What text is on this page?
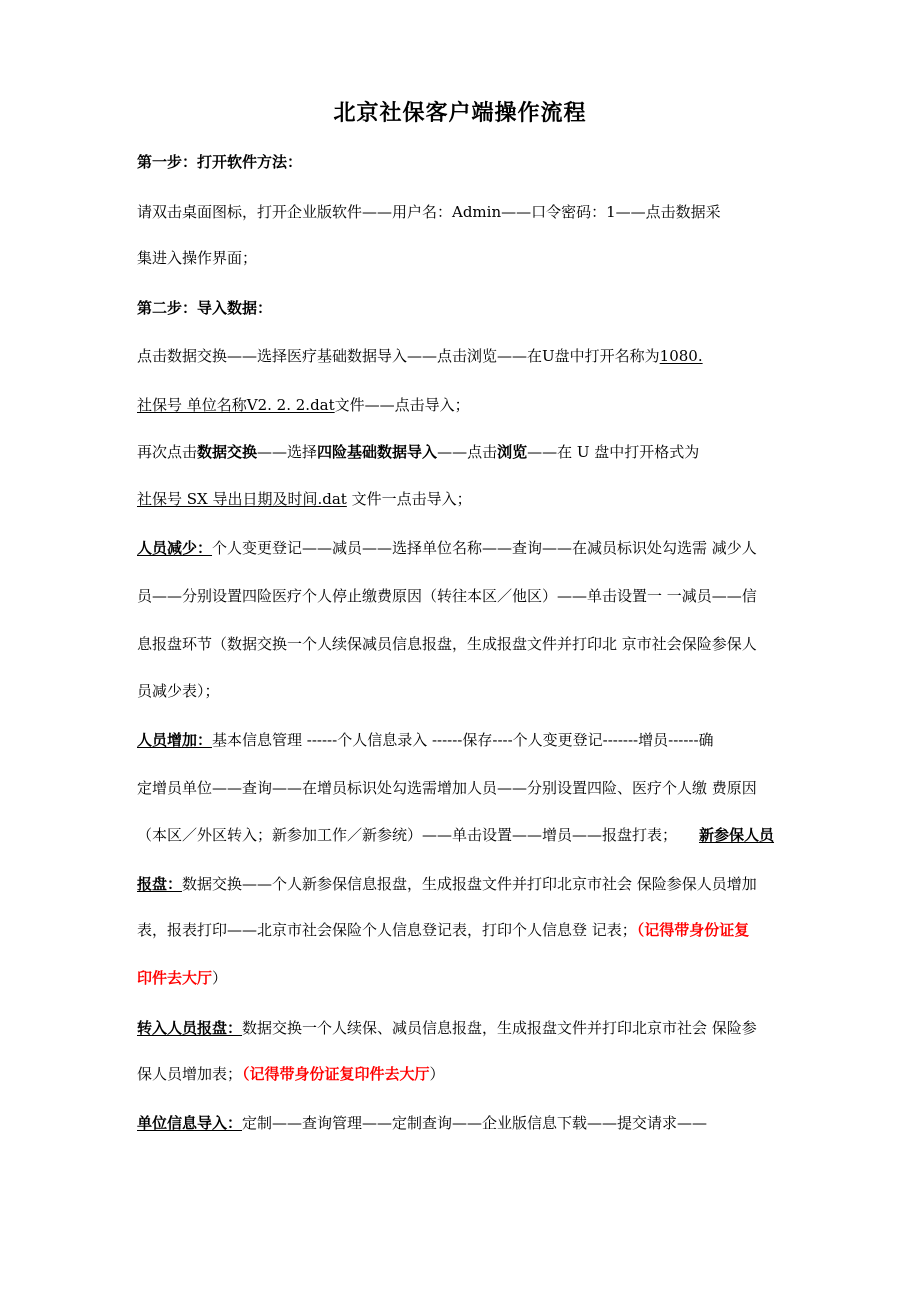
北京社保客户端操作流程
第一步：打开软件方法：
请双击桌面图标，打开企业版软件——用户名：Admin——口令密码：1——点击数据采
集进入操作界面；
第二步：导入数据：
点击数据交换——选择医疗基础数据导入——点击浏览——在U盘中打开名称为1080.
社保号 单位名称V2. 2. 2.dat文件——点击导入；
再次点击数据交换——选择四险基础数据导入——点击浏览——在 U 盘中打开格式为
社保号 SX 导出日期及时间.dat 文件一点击导入；
人员减少：个人变更登记——减员——选择单位名称——查询——在减员标识处勾选需 减少人
员——分别设置四险医疗个人停止缴费原因（转往本区／他区）——单击设置一 一减员——信
息报盘环节（数据交换一个人续保减员信息报盘，生成报盘文件并打印北 京市社会保险参保人
员减少表）；
人员增加：基本信息管理 ------个人信息录入 ------保存----个人变更登记-------增员------确
定增员单位——查询——在增员标识处勾选需增加人员——分别设置四险、医疗个人缴 费原因
（本区／外区转入；新参加工作／新参统）——单击设置——增员——报盘打表； 新参保人员
报盘：数据交换——个人新参保信息报盘，生成报盘文件并打印北京市社会 保险参保人员增加
表，报表打印——北京市社会保险个人信息登记表，打印个人信息登 记表；（记得带身份证复
印件去大厅）
转入人员报盘：数据交换一个人续保、减员信息报盘，生成报盘文件并打印北京市社会 保险参
保人员增加表；（记得带身份证复印件去大厅）
单位信息导入：定制——查询管理——定制查询——企业版信息下载——提交请求——
